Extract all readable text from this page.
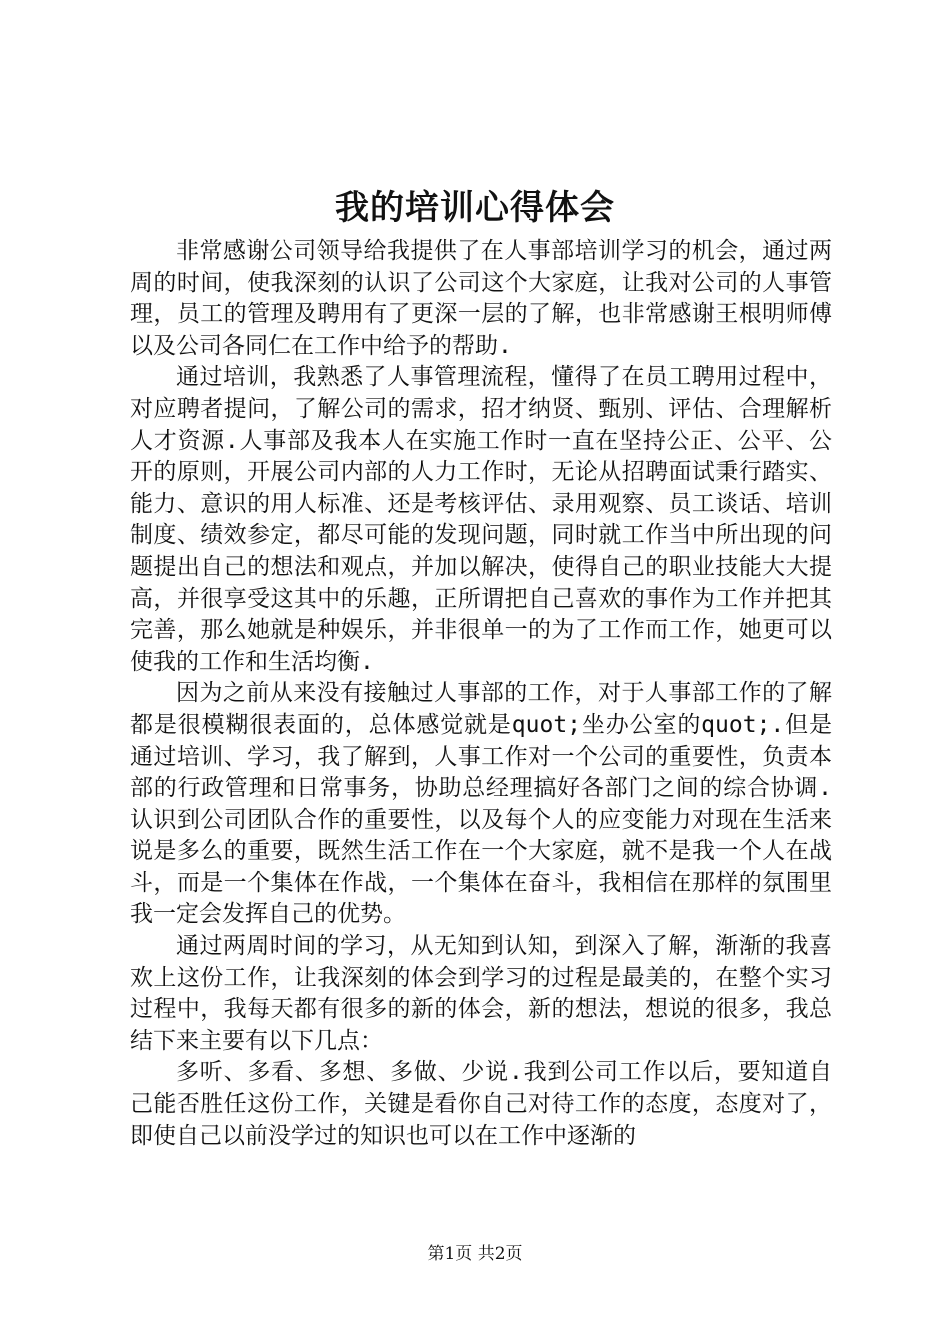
我的培训心得体会

非常感谢公司领导给我提供了在人事部培训学习的机会，通过两周的时间，使我深刻的认识了公司这个大家庭，让我对公司的人事管理，员工的管理及聘用有了更深一层的了解，也非常感谢王根明师傅以及公司各同仁在工作中给予的帮助.

通过培训，我熟悉了人事管理流程，懂得了在员工聘用过程中，对应聘者提问，了解公司的需求，招才纳贤、甄别、评估、合理解析人才资源.人事部及我本人在实施工作时一直在坚持公正、公平、公开的原则，开展公司内部的人力工作时，无论从招聘面试秉行踏实、能力、意识的用人标准、还是考核评估、录用观察、员工谈话、培训制度、绩效参定，都尽可能的发现问题，同时就工作当中所出现的问题提出自己的想法和观点，并加以解决，使得自己的职业技能大大提高，并很享受这其中的乐趣，正所谓把自己喜欢的事作为工作并把其完善，那么她就是种娱乐，并非很单一的为了工作而工作，她更可以使我的工作和生活均衡.

因为之前从来没有接触过人事部的工作，对于人事部工作的了解都是很模糊很表面的，总体感觉就是quot;坐办公室的quot;.但是通过培训、学习，我了解到，人事工作对一个公司的重要性，负责本部的行政管理和日常事务，协助总经理搞好各部门之间的综合协调.认识到公司团队合作的重要性，以及每个人的应变能力对现在生活来说是多么的重要，既然生活工作在一个大家庭，就不是我一个人在战斗，而是一个集体在作战，一个集体在奋斗，我相信在那样的氛围里我一定会发挥自己的优势。

通过两周时间的学习，从无知到认知，到深入了解，渐渐的我喜欢上这份工作，让我深刻的体会到学习的过程是最美的，在整个实习过程中，我每天都有很多的新的体会，新的想法，想说的很多，我总结下来主要有以下几点：

多听、多看、多想、多做、少说.我到公司工作以后，要知道自己能否胜任这份工作，关键是看你自己对待工作的态度，态度对了，即使自己以前没学过的知识也可以在工作中逐渐的

第1页 共2页
